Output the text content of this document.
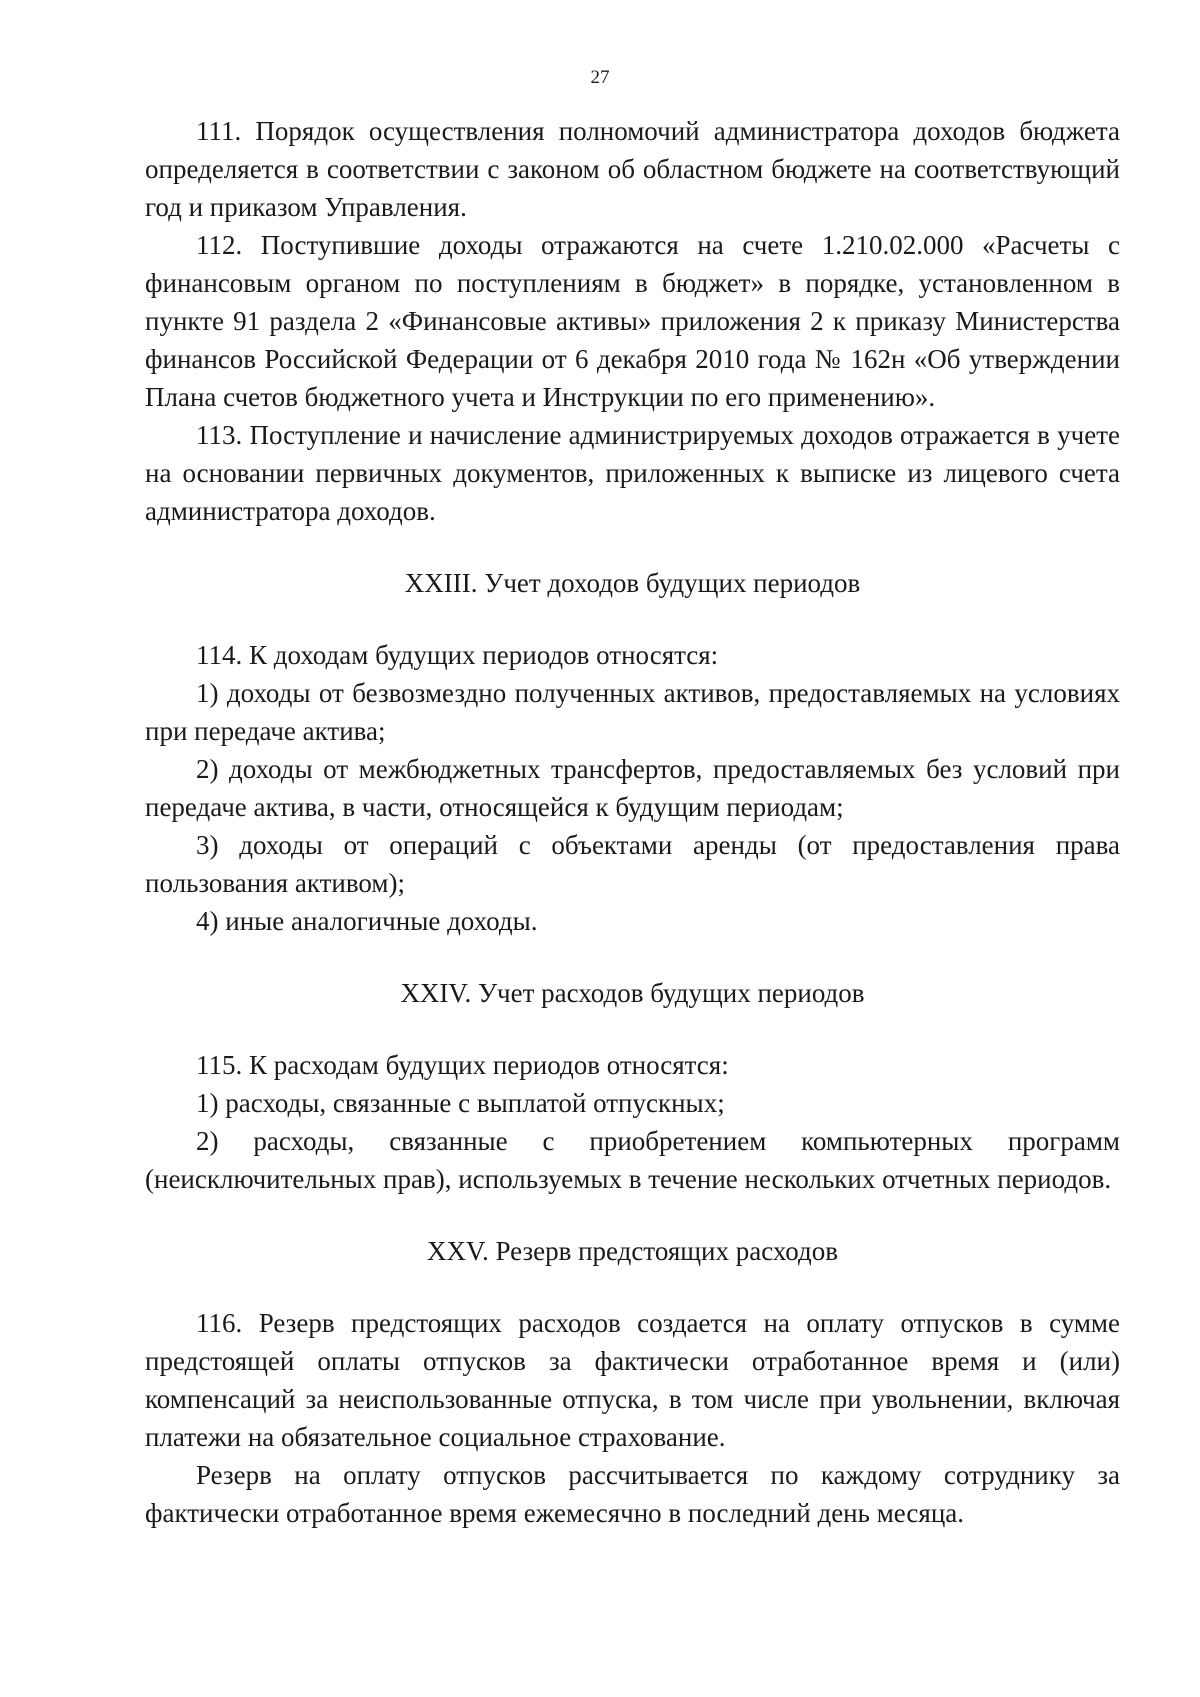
27

111. Порядок осуществления полномочий администратора доходов бюджета определяется в соответствии с законом об областном бюджете на соответствующий год и приказом Управления.

112. Поступившие доходы отражаются на счете 1.210.02.000 «Расчеты с финансовым органом по поступлениям в бюджет» в порядке, установленном в пункте 91 раздела 2 «Финансовые активы» приложения 2 к приказу Министерства финансов Российской Федерации от 6 декабря 2010 года № 162н «Об утверждении Плана счетов бюджетного учета и Инструкции по его применению».

113. Поступление и начисление администрируемых доходов отражается в учете на основании первичных документов, приложенных к выписке из лицевого счета администратора доходов.

XXIII. Учет доходов будущих периодов

114. К доходам будущих периодов относятся:

1) доходы от безвозмездно полученных активов, предоставляемых на условиях при передаче актива;

2) доходы от межбюджетных трансфертов, предоставляемых без условий при передаче актива, в части, относящейся к будущим периодам;

3) доходы от операций с объектами аренды (от предоставления права пользования активом);

4) иные аналогичные доходы.

XXIV. Учет расходов будущих периодов

115. К расходам будущих периодов относятся:

1) расходы, связанные с выплатой отпускных;

2) расходы, связанные с приобретением компьютерных программ (неисключительных прав), используемых в течение нескольких отчетных периодов.

XXV. Резерв предстоящих расходов

116. Резерв предстоящих расходов создается на оплату отпусков в сумме предстоящей оплаты отпусков за фактически отработанное время и (или) компенсаций за неиспользованные отпуска, в том числе при увольнении, включая платежи на обязательное социальное страхование.

Резерв на оплату отпусков рассчитывается по каждому сотруднику за фактически отработанное время ежемесячно в последний день месяца.
